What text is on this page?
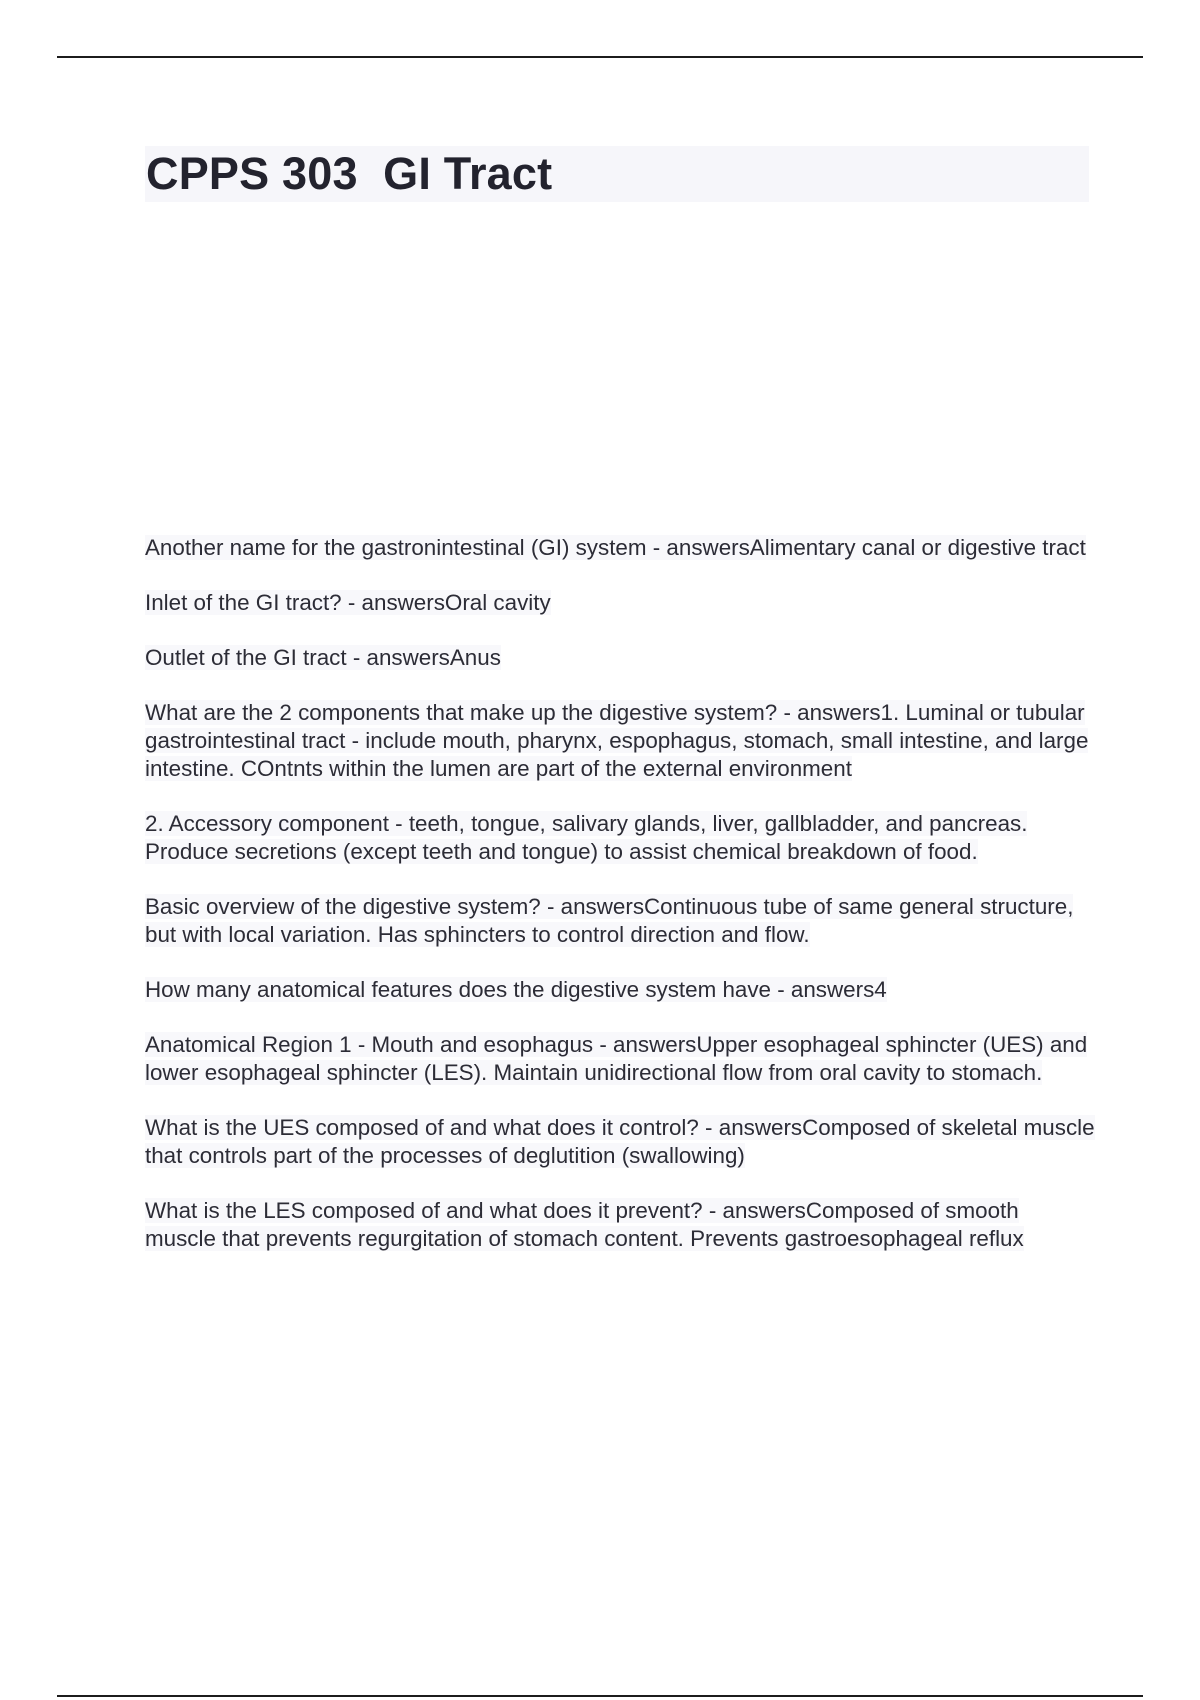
CPPS 303  GI Tract

Another name for the gastronintestinal (GI) system - answersAlimentary canal or digestive tract

Inlet of the GI tract? - answersOral cavity

Outlet of the GI tract - answersAnus

What are the 2 components that make up the digestive system? - answers1. Luminal or tubular gastrointestinal tract - include mouth, pharynx, espophagus, stomach, small intestine, and large intestine. COntnts within the lumen are part of the external environment

2. Accessory component - teeth, tongue, salivary glands, liver, gallbladder, and pancreas. Produce secretions (except teeth and tongue) to assist chemical breakdown of food.

Basic overview of the digestive system? - answersContinuous tube of same general structure, but with local variation. Has sphincters to control direction and flow.

How many anatomical features does the digestive system have - answers4

Anatomical Region 1 - Mouth and esophagus - answersUpper esophageal sphincter (UES) and lower esophageal sphincter (LES). Maintain unidirectional flow from oral cavity to stomach.

What is the UES composed of and what does it control? - answersComposed of skeletal muscle that controls part of the processes of deglutition (swallowing)

What is the LES composed of and what does it prevent? - answersComposed of smooth muscle that prevents regurgitation of stomach content. Prevents gastroesophageal reflux
